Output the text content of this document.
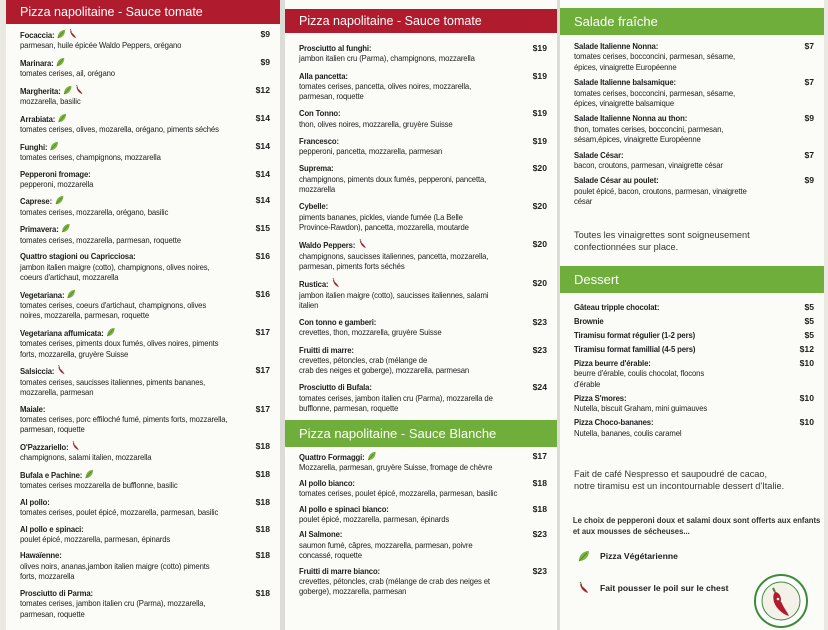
Pizza napolitaine - Sauce tomate
Focaccia:
parmesan, huile épicée Waldo Peppers, orégano
$9
Marinara:
tomates cerises, ail, orégano
$9
Margherita:
mozzarella, basilic
$12
Arrabiata:
tomates cerises, olives, mozarella, orégano, piments séchés
$14
Funghi:
tomates cerises, champignons, mozzarella
$14
Pepperoni fromage:
pepperoni, mozzarella
$14
Caprese:
tomates cerises, mozzarella, orégano, basilic
$14
Primavera:
tomates cerises, mozzarella, parmesan, roquette
$15
Quattro stagioni ou Capricciosa:
jambon italien maigre (cotto), champignons, olives noires,
coeurs d'artichaut, mozzarella
$16
Vegetariana:
tomates cerises, coeurs d'artichaut, champignons, olives
noires, mozzarella, parmesan, roquette
$16
Vegetariana affumicata:
tomates cerises, piments doux fumés, olives noires, piments
forts, mozzarella, gruyère Suisse
$17
Salsiccia:
tomates cerises, saucisses italiennes, piments bananes,
mozzarella, parmesan
$17
Maiale:
tomates cerises, porc effiloché fumé, piments forts, mozzarella,
parmesan, roquette
$17
O'Pazzariello:
champignons, salami italien, mozzarella
$18
Bufala e Pachine:
tomates cerises mozzarella de bufflonne, basilic
$18
Al pollo:
tomates cerises, poulet épicé, mozzarella, parmesan, basilic
$18
Al pollo e spinaci:
poulet épicé, mozzarella, parmesan, épinards
$18
Hawaïenne:
olives noirs, ananas,jambon italien maigre (cotto) piments
forts, mozzarella
$18
Prosciutto di Parma:
tomates cerises, jambon italien cru (Parma), mozzarella,
parmesan, roquette
$18
Pizza napolitaine - Sauce tomate
Prosciutto al funghi:
jambon italien cru (Parma), champignons, mozzarella
$19
Alla pancetta:
tomates cerises, pancetta, olives noires, mozzarella,
parmesan, roquette
$19
Con Tonno:
thon, olives noires, mozzarella, gruyère Suisse
$19
Francesco:
pepperoni, pancetta, mozzarella, parmesan
$19
Suprema:
champignons, piments doux fumés, pepperoni, pancetta,
mozzarella
$20
Cybelle:
piments bananes, pickles, viande fumée (La Belle
Province-Rawdon), pancetta, mozzarella, moutarde
$20
Waldo Peppers:
champignons, saucisses italiennes, pancetta, mozzarella,
parmesan, piments forts séchés
$20
Rustica:
jambon italien maigre (cotto), saucisses italiennes, salami
italien
$20
Con tonno e gamberi:
crevettes, thon, mozzarella, gruyère Suisse
$23
Fruitti di marre:
crevettes, pétoncles, crab (mélange de
crab des neiges et goberge), mozzarella, parmesan
$23
Prosciutto di Bufala:
tomates cerises, jambon italien cru (Parma), mozzarella de
bufflonne, parmesan, roquette
$24
Pizza napolitaine - Sauce Blanche
Quattro Formaggi:
Mozzarella, parmesan, gruyère Suisse, fromage de chèvre
$17
Al pollo bianco:
tomates cerises, poulet épicé, mozzarella, parmesan, basilic
$18
Al pollo e spinaci bianco:
poulet épicé, mozzarella, parmesan, épinards
$18
Al Salmone:
saumon fumé, câpres, mozzarella, parmesan, poivre
concassé, roquette
$23
Fruitti di marre bianco:
crevettes, pétoncles, crab (mélange de crab des neiges et
goberge), mozzarella, parmesan
$23
Salade fraîche
Salade Italienne Nonna:
tomates cerises, bocconcini, parmesan, sésame,
épices, vinaigrette Européenne
$7
Salade Italienne balsamique:
tomates cerises, bocconcini, parmesan, sésame,
épices, vinaigrette balsamique
$7
Salade Italienne Nonna au thon:
thon, tomates cerises, bocconcini, parmesan,
sésam,épices, vinaigrette Européenne
$9
Salade César:
bacon, croutons, parmesan, vinaigrette césar
$7
Salade César au poulet:
poulet épicé, bacon, croutons, parmesan, vinaigrette
césar
$9
Toutes les vinaigrettes sont soigneusement
confectionnées sur place.
Dessert
Gâteau tripple chocolat:	$5
Brownie	$5
Tiramisu format régulier (1-2 pers)	$5
Tiramisu format famillial (4-5 pers)	$12
Pizza beurre d'érable:
beurre d'érable, coulis chocolat, flocons
d'érable
$10
Pizza S'mores:
Nutella, biscuit Graham, mini guimauves
$10
Pizza Choco-bananes:
Nutella, bananes, coulis caramel
$10
Fait de café Nespresso et saupoudré de cacao,
notre tiramisu est un incontournable dessert d'Italie.
Le choix de pepperoni doux et salami doux sont offerts aux enfants
et aux mousses de sécheuses...
Pizza Végétarienne
Fait pousser le poil sur le chest
